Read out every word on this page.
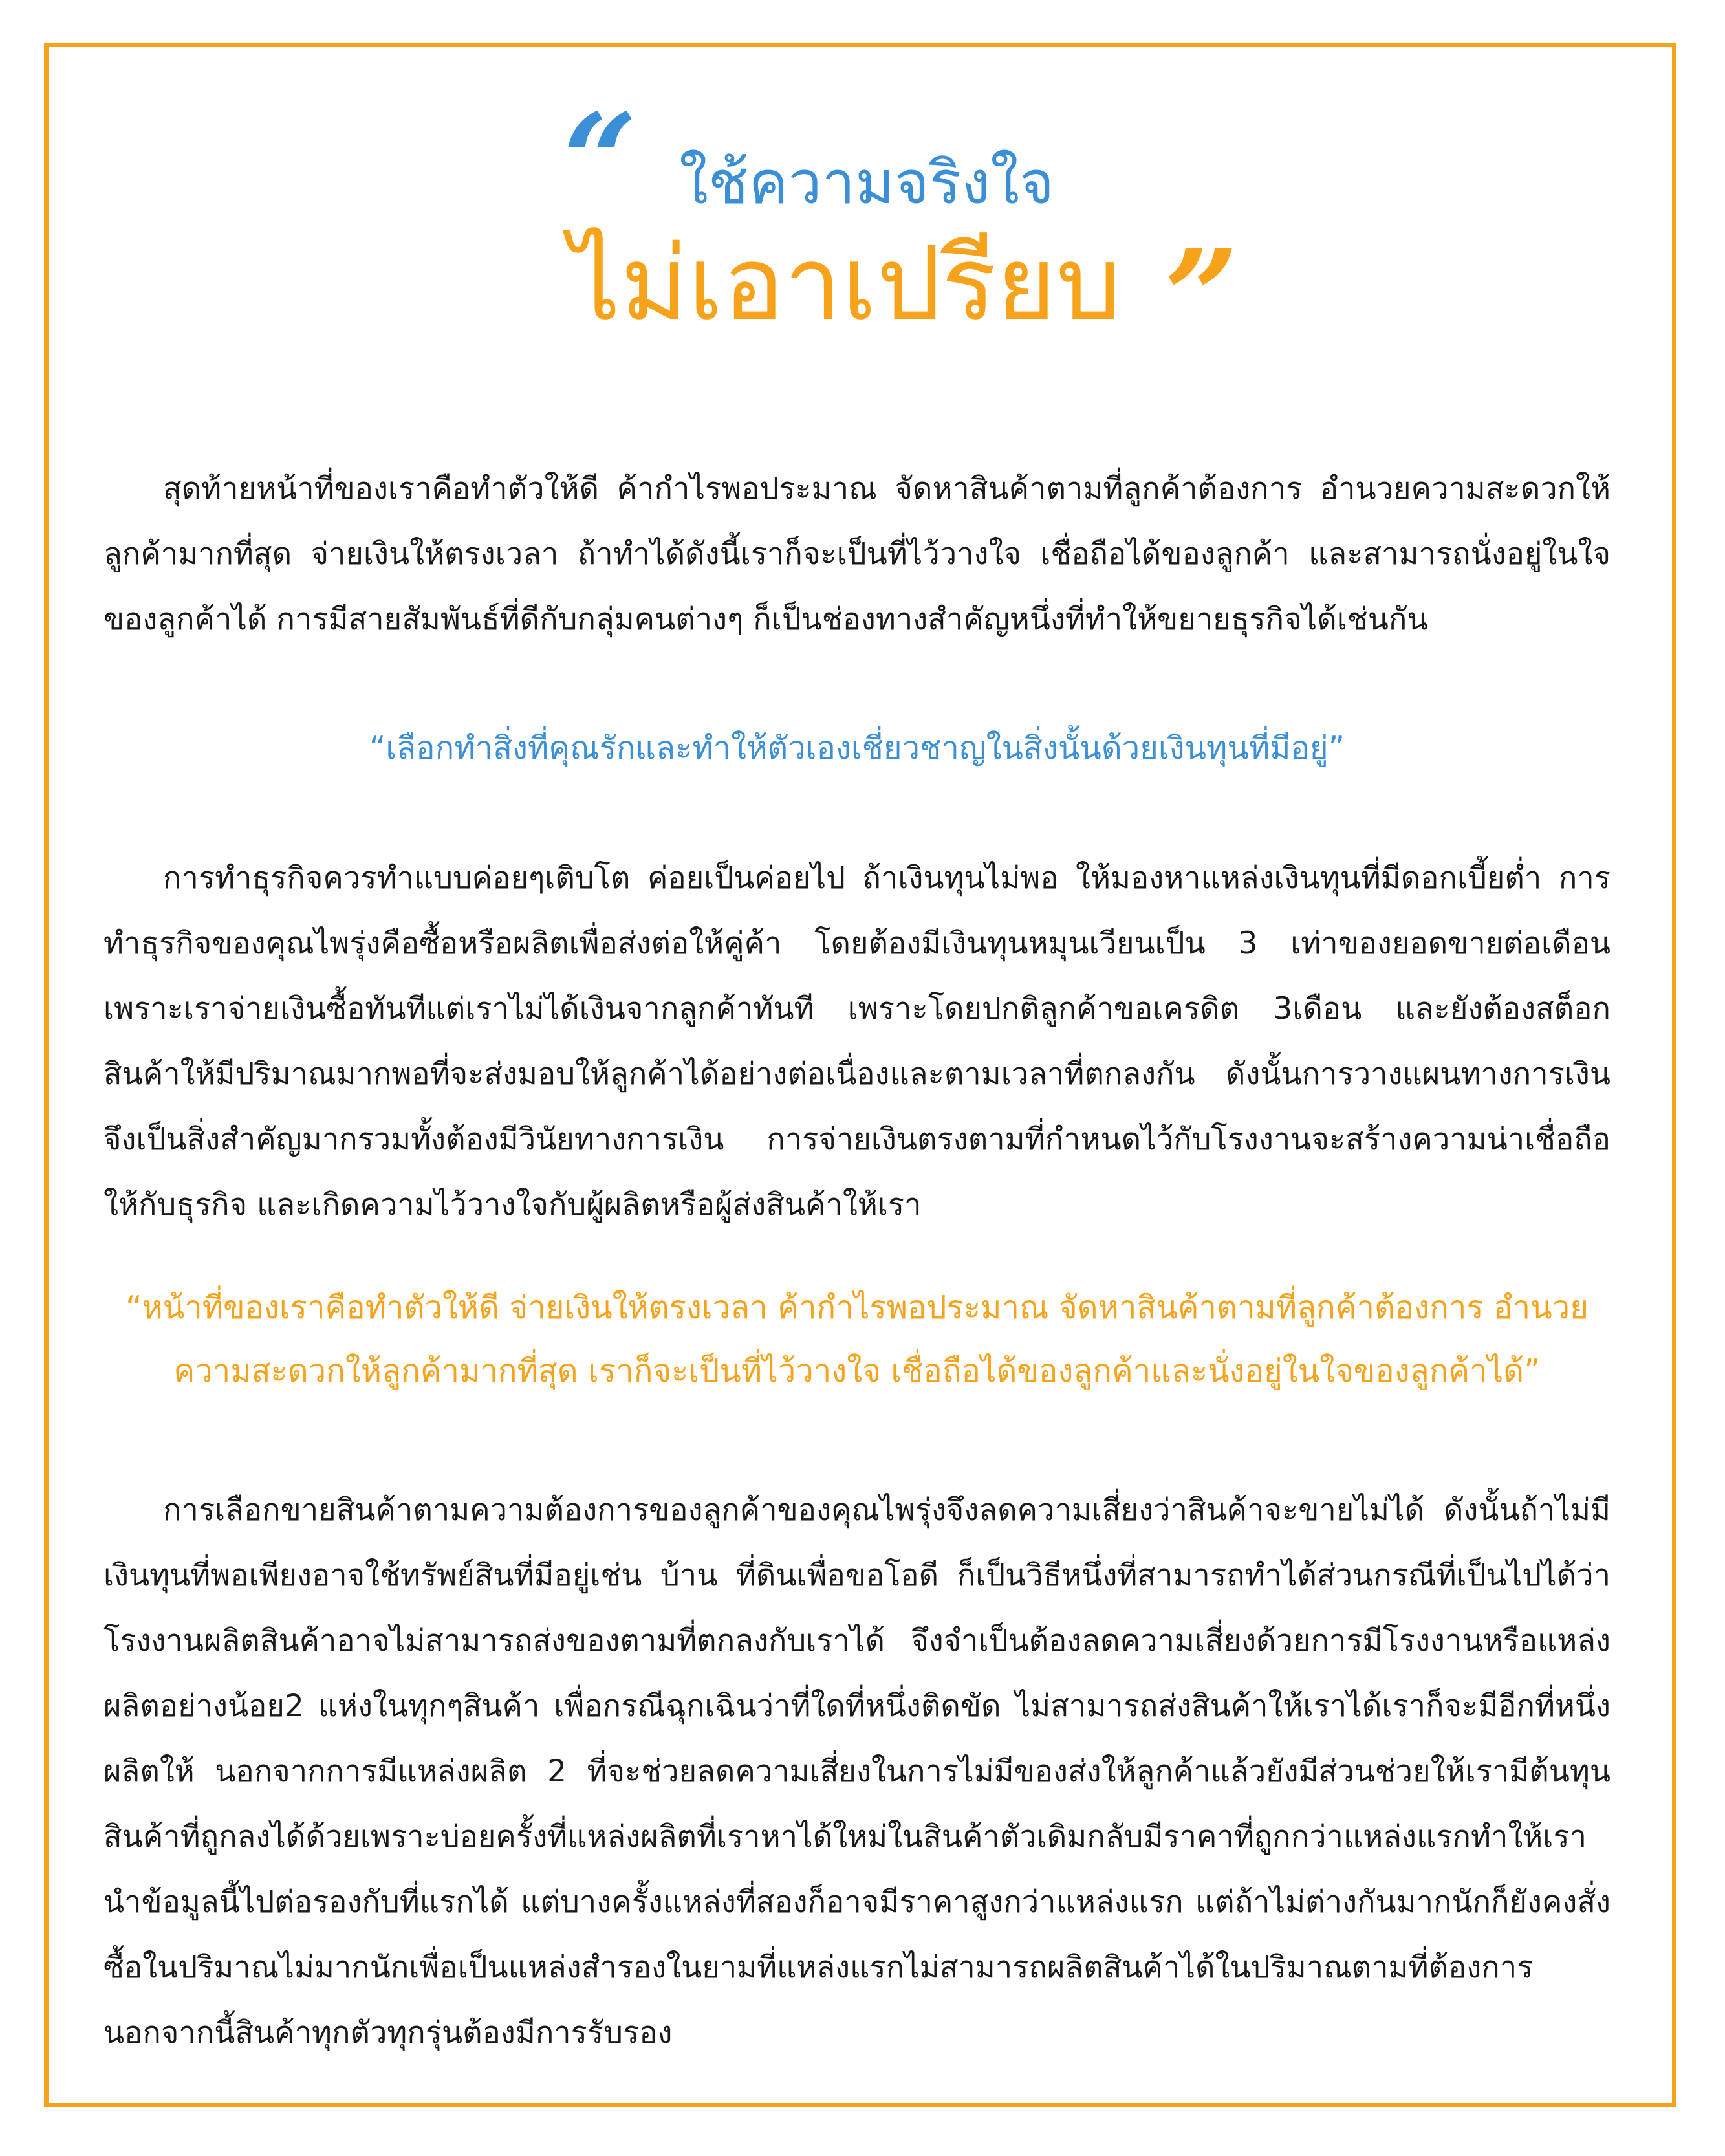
“ ใช้ความจริงใจ
ไม่เอาเปรียบ ”

สุดท้ายหน้าที่ของเราคือทำตัวให้ดี ค้ากำไรพอประมาณ จัดหาสินค้าตามที่ลูกค้าต้องการ อำนวยความสะดวกให้ลูกค้ามากที่สุด จ่ายเงินให้ตรงเวลา ถ้าทำได้ดังนี้เราก็จะเป็นที่ไว้วางใจ เชื่อถือได้ของลูกค้า และสามารถนั่งอยู่ในใจของลูกค้าได้ การมีสายสัมพันธ์ที่ดีกับกลุ่มคนต่างๆ ก็เป็นช่องทางสำคัญหนึ่งที่ทำให้ขยายธุรกิจได้เช่นกัน

“เลือกทำสิ่งที่คุณรักและทำให้ตัวเองเชี่ยวชาญในสิ่งนั้นด้วยเงินทุนที่มีอยู่”

การทำธุรกิจควรทำแบบค่อยๆเติบโต ค่อยเป็นค่อยไป ถ้าเงินทุนไม่พอ ให้มองหาแหล่งเงินทุนที่มีดอกเบี้ยต่ำ การทำธุรกิจของคุณไพรุ่งคือซื้อหรือผลิตเพื่อส่งต่อให้คู่ค้า โดยต้องมีเงินทุนหมุนเวียนเป็น 3 เท่าของยอดขายต่อเดือน เพราะเราจ่ายเงินซื้อทันทีแต่เราไม่ได้เงินจากลูกค้าทันที เพราะโดยปกติลูกค้าขอเครดิต 3เดือน และยังต้องสต็อกสินค้าให้มีปริมาณมากพอที่จะส่งมอบให้ลูกค้าได้อย่างต่อเนื่องและตามเวลาที่ตกลงกัน ดังนั้นการวางแผนทางการเงินจึงเป็นสิ่งสำคัญมากรวมทั้งต้องมีวินัยทางการเงิน การจ่ายเงินตรงตามที่กำหนดไว้กับโรงงานจะสร้างความน่าเชื่อถือให้กับธุรกิจ และเกิดความไว้วางใจกับผู้ผลิตหรือผู้ส่งสินค้าให้เรา

“หน้าที่ของเราคือทำตัวให้ดี จ่ายเงินให้ตรงเวลา ค้ากำไรพอประมาณ จัดหาสินค้าตามที่ลูกค้าต้องการ อำนวยความสะดวกให้ลูกค้ามากที่สุด เราก็จะเป็นที่ไว้วางใจ เชื่อถือได้ของลูกค้าและนั่งอยู่ในใจของลูกค้าได้”

การเลือกขายสินค้าตามความต้องการของลูกค้าของคุณไพรุ่งจึงลดความเสี่ยงว่าสินค้าจะขายไม่ได้ ดังนั้นถ้าไม่มีเงินทุนที่พอเพียงอาจใช้ทรัพย์สินที่มีอยู่เช่น บ้าน ที่ดินเพื่อขอโอดี ก็เป็นวิธีหนึ่งที่สามารถทำได้ส่วนกรณีที่เป็นไปได้ว่าโรงงานผลิตสินค้าอาจไม่สามารถส่งของตามที่ตกลงกับเราได้ จึงจำเป็นต้องลดความเสี่ยงด้วยการมีโรงงานหรือแหล่งผลิตอย่างน้อย2 แห่งในทุกๆสินค้า เพื่อกรณีฉุกเฉินว่าที่ใดที่หนึ่งติดขัด ไม่สามารถส่งสินค้าให้เราได้เราก็จะมีอีกที่หนึ่งผลิตให้ นอกจากการมีแหล่งผลิต 2 ที่จะช่วยลดความเสี่ยงในการไม่มีของส่งให้ลูกค้าแล้วยังมีส่วนช่วยให้เรามีต้นทุนสินค้าที่ถูกลงได้ด้วยเพราะบ่อยครั้งที่แหล่งผลิตที่เราหาได้ใหม่ในสินค้าตัวเดิมกลับมีราคาที่ถูกกว่าแหล่งแรกทำให้เรานำข้อมูลนี้ไปต่อรองกับที่แรกได้ แต่บางครั้งแหล่งที่สองก็อาจมีราคาสูงกว่าแหล่งแรก แต่ถ้าไม่ต่างกันมากนักก็ยังคงสั่งซื้อในปริมาณไม่มากนักเพื่อเป็นแหล่งสำรองในยามที่แหล่งแรกไม่สามารถผลิตสินค้าได้ในปริมาณตามที่ต้องการนอกจากนี้สินค้าทุกตัวทุกรุ่นต้องมีการรับรอง
